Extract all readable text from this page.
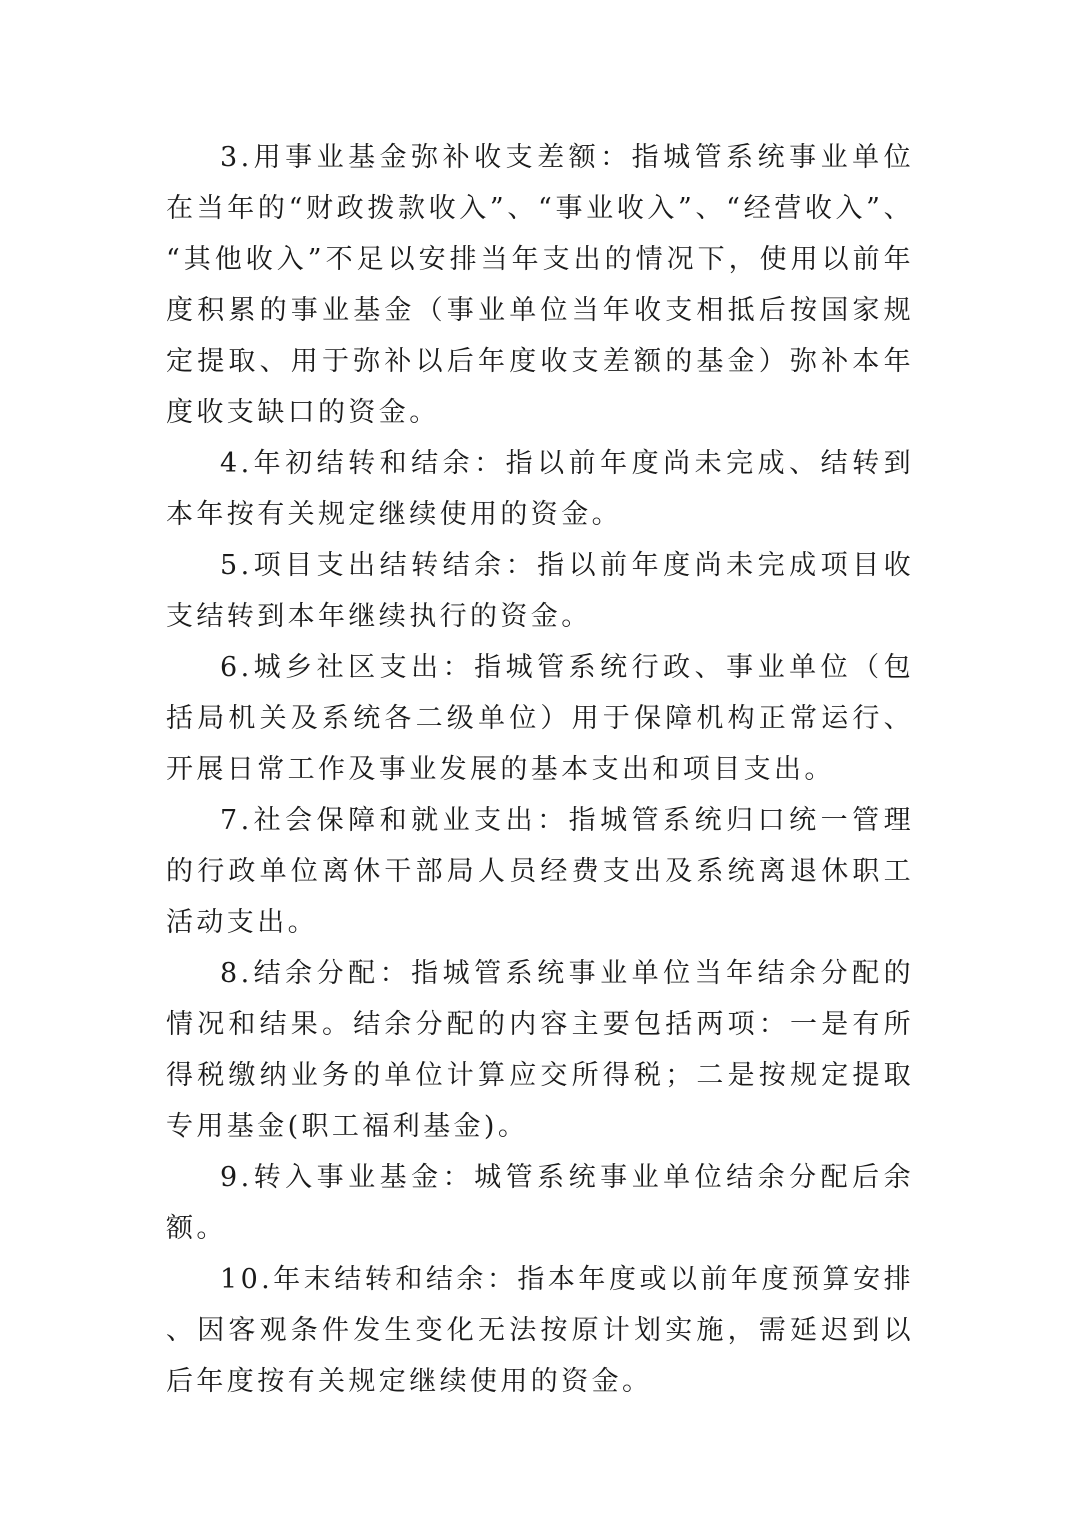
3.用事业基金弥补收支差额：指城管系统事业单位在当年的“财政拨款收入”、“事业收入”、“经营收入”、“其他收入”不足以安排当年支出的情况下，使用以前年度积累的事业基金（事业单位当年收支相抵后按国家规定提取、用于弥补以后年度收支差额的基金）弥补本年度收支缺口的资金。

4.年初结转和结余：指以前年度尚未完成、结转到本年按有关规定继续使用的资金。

5.项目支出结转结余：指以前年度尚未完成项目收支结转到本年继续执行的资金。

6.城乡社区支出：指城管系统行政、事业单位（包括局机关及系统各二级单位）用于保障机构正常运行、开展日常工作及事业发展的基本支出和项目支出。

7.社会保障和就业支出：指城管系统归口统一管理的行政单位离休干部局人员经费支出及系统离退休职工活动支出。

8.结余分配：指城管系统事业单位当年结余分配的情况和结果。结余分配的内容主要包括两项：一是有所得税缴纳业务的单位计算应交所得税；二是按规定提取专用基金(职工福利基金)。

9.转入事业基金：城管系统事业单位结余分配后余额。

10.年末结转和结余：指本年度或以前年度预算安排、因客观条件发生变化无法按原计划实施，需延迟到以后年度按有关规定继续使用的资金。
